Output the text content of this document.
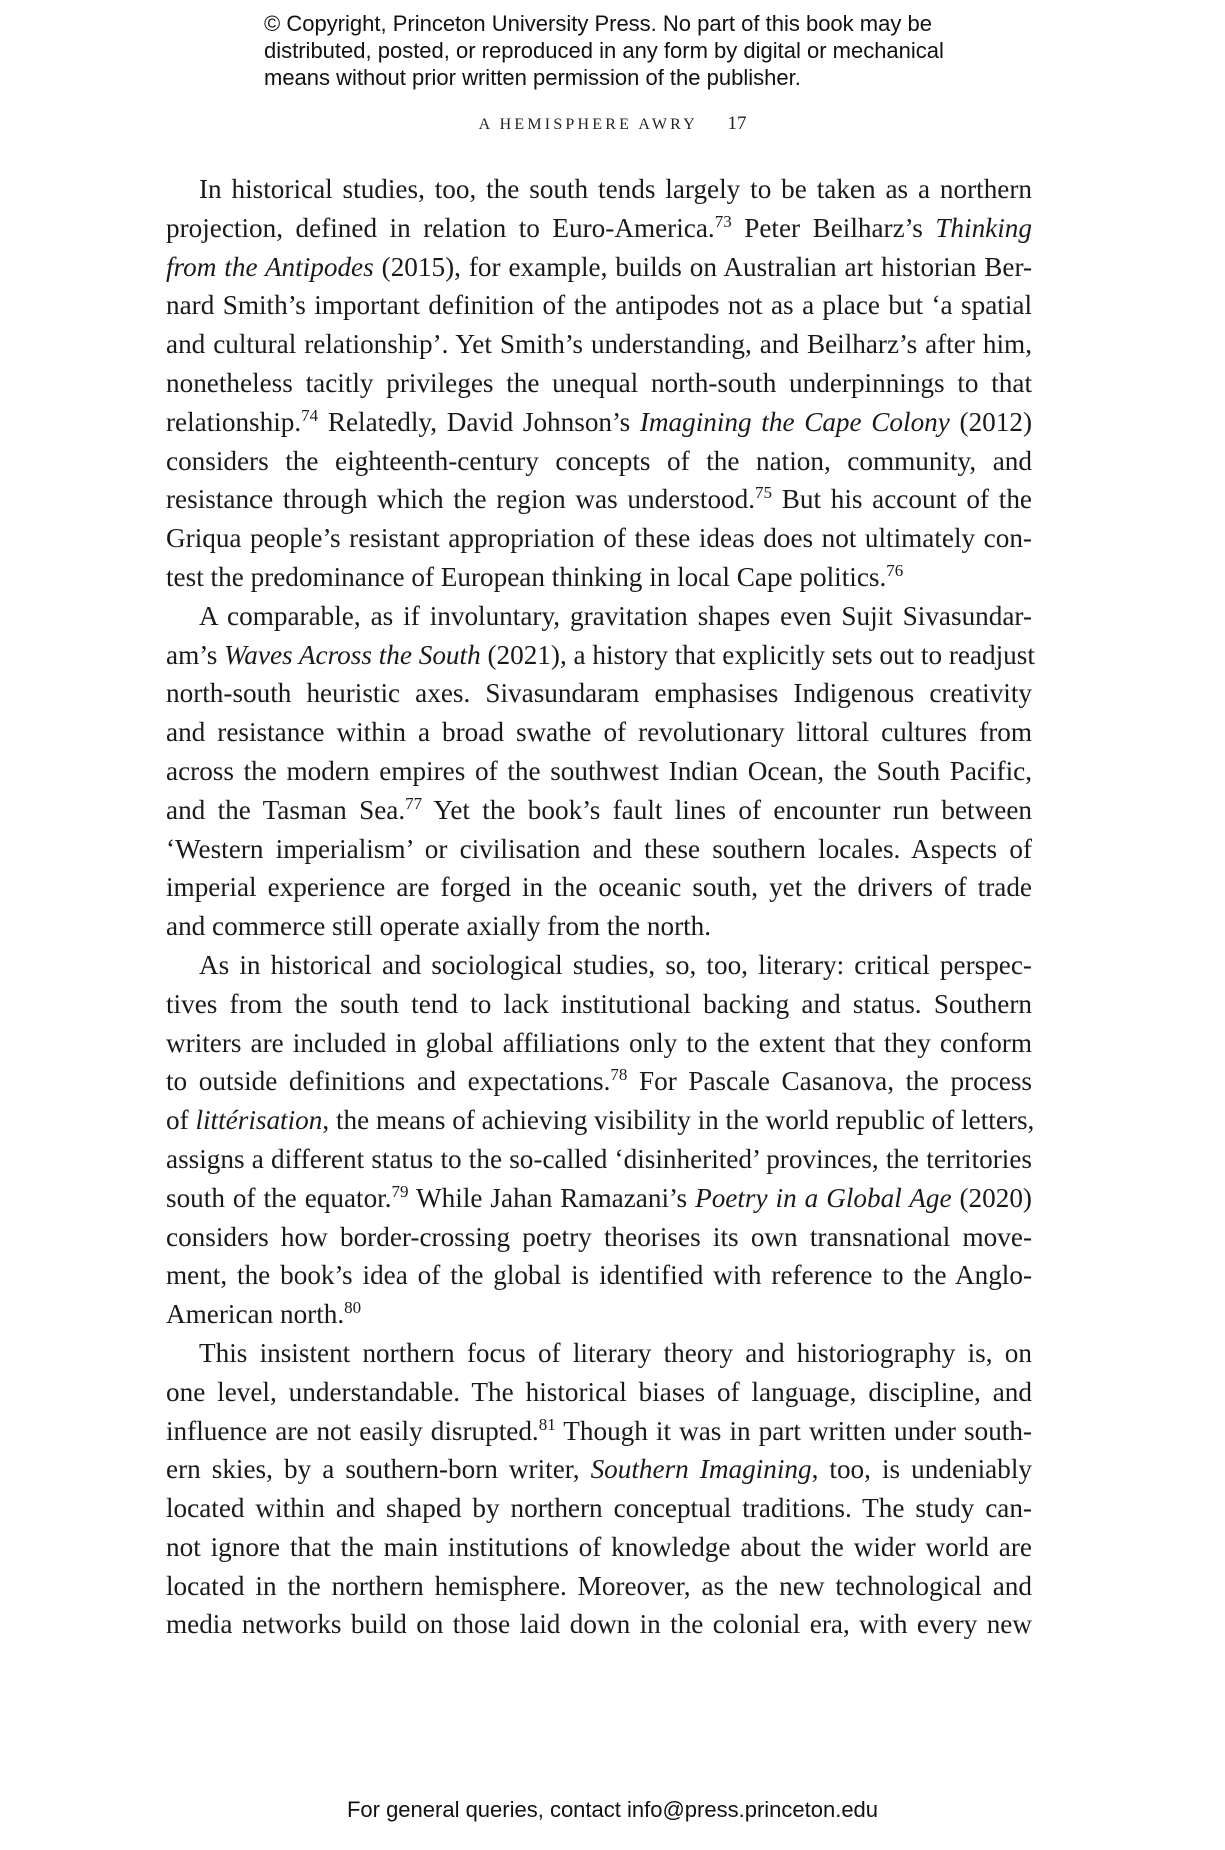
© Copyright, Princeton University Press. No part of this book may be
distributed, posted, or reproduced in any form by digital or mechanical
means without prior written permission of the publisher.
A HEMISPHERE AWRY 17
In historical studies, too, the south tends largely to be taken as a northern
projection, defined in relation to Euro-America.$^{73}$ Peter Beilharz’s Thinking
from the Antipodes (2015), for example, builds on Australian art historian Ber-
nard Smith’s important definition of the antipodes not as a place but ‘a spatial
and cultural relationship’. Yet Smith’s understanding, and Beilharz’s after him,
nonetheless tacitly privileges the unequal north-south underpinnings to that
relationship.$^{74}$ Relatedly, David Johnson’s Imagining the Cape Colony (2012)
considers the eighteenth-century concepts of the nation, community, and
resistance through which the region was understood.$^{75}$ But his account of the
Griqua people’s resistant appropriation of these ideas does not ultimately con-
test the predominance of European thinking in local Cape politics.$^{76}$
A comparable, as if involuntary, gravitation shapes even Sujit Sivasundar-
am’s Waves Across the South (2021), a history that explicitly sets out to readjust
north-south heuristic axes. Sivasundaram emphasises Indigenous creativity
and resistance within a broad swathe of revolutionary littoral cultures from
across the modern empires of the southwest Indian Ocean, the South Pacific,
and the Tasman Sea.$^{77}$ Yet the book’s fault lines of encounter run between
‘Western imperialism’ or civilisation and these southern locales. Aspects of
imperial experience are forged in the oceanic south, yet the drivers of trade
and commerce still operate axially from the north.
As in historical and sociological studies, so, too, literary: critical perspec-
tives from the south tend to lack institutional backing and status. Southern
writers are included in global affiliations only to the extent that they conform
to outside definitions and expectations.$^{78}$ For Pascale Casanova, the process
of littérisation, the means of achieving visibility in the world republic of letters,
assigns a different status to the so-called ‘disinherited’ provinces, the territories
south of the equator.$^{79}$ While Jahan Ramazani’s Poetry in a Global Age (2020)
considers how border-crossing poetry theorises its own transnational move-
ment, the book’s idea of the global is identified with reference to the Anglo-
American north.$^{80}$
This insistent northern focus of literary theory and historiography is, on
one level, understandable. The historical biases of language, discipline, and
influence are not easily disrupted.$^{81}$ Though it was in part written under south-
ern skies, by a southern-born writer, Southern Imagining, too, is undeniably
located within and shaped by northern conceptual traditions. The study can-
not ignore that the main institutions of knowledge about the wider world are
located in the northern hemisphere. Moreover, as the new technological and
media networks build on those laid down in the colonial era, with every new
For general queries, contact info@press.princeton.edu
